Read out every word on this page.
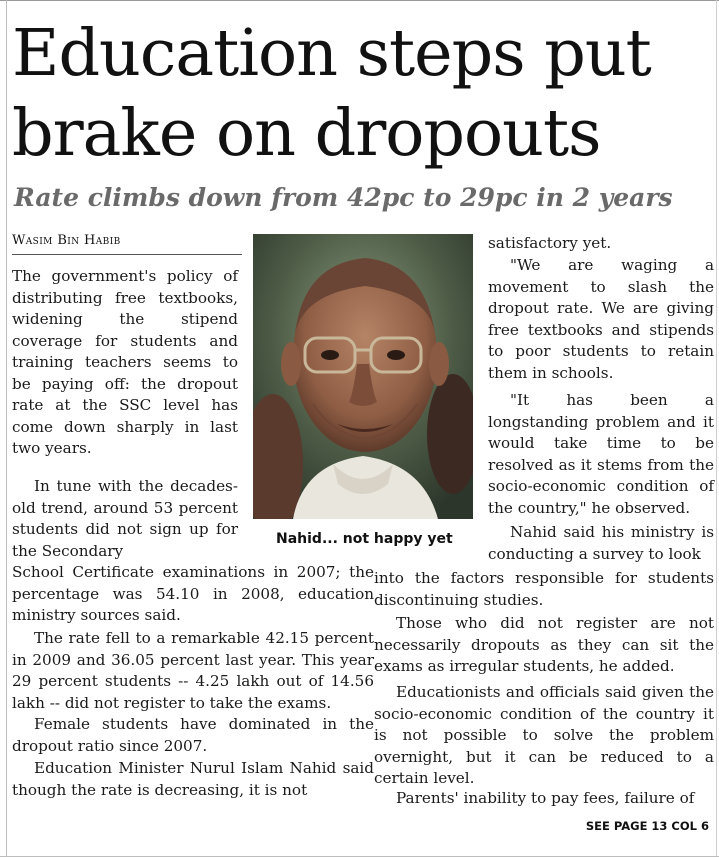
Education steps put
brake on dropouts
Rate climbs down from 42pc to 29pc in 2 years
Wasim Bin Habib

The government's policy of distributing free textbooks, widening the stipend coverage for students and training teachers seems to be paying off: the dropout rate at the SSC level has come down sharply in last two years.

In tune with the decades-old trend, around 53 percent students did not sign up for the Secondary

Nahid... not happy yet

School Certificate examinations in 2007; the percentage was 54.10 in 2008, education ministry sources said.

The rate fell to a remarkable 42.15 percent in 2009 and 36.05 percent last year. This year 29 percent students -- 4.25 lakh out of 14.56 lakh -- did not register to take the exams.

Female students have dominated in the dropout ratio since 2007.

Education Minister Nurul Islam Nahid said though the rate is decreasing, it is not

satisfactory yet.

"We are waging a movement to slash the dropout rate. We are giving free textbooks and stipends to poor students to retain them in schools.

"It has been a longstanding problem and it would take time to be resolved as it stems from the socio-economic condition of the country," he observed.

Nahid said his ministry is conducting a survey to look

into the factors responsible for students discontinuing studies.

Those who did not register are not necessarily dropouts as they can sit the exams as irregular students, he added.

Educationists and officials said given the socio-economic condition of the country it is not possible to solve the problem overnight, but it can be reduced to a certain level.

Parents' inability to pay fees, failure of

SEE PAGE 13 COL 6
